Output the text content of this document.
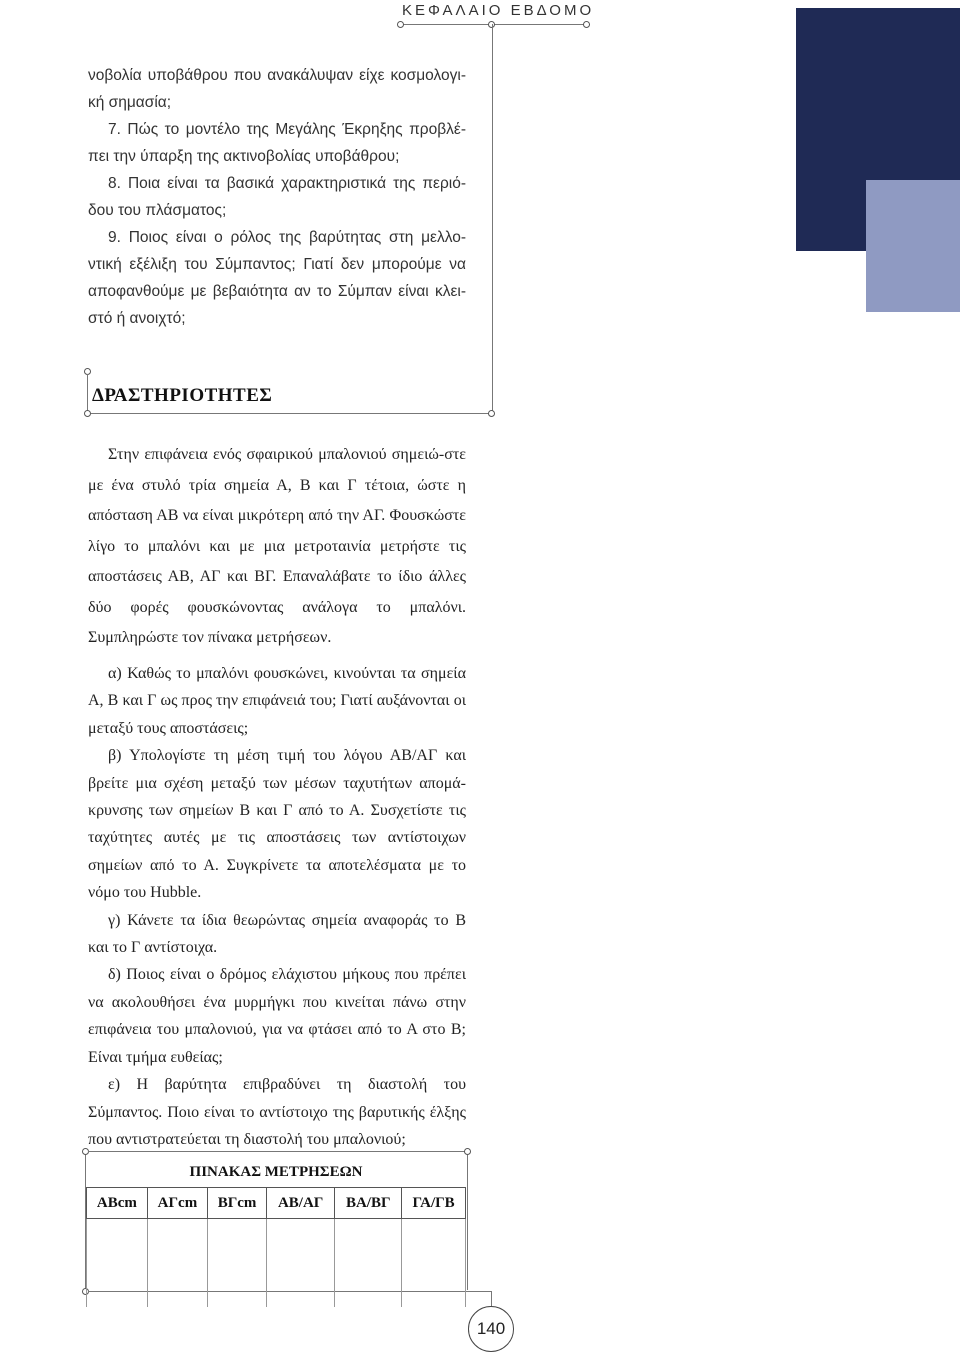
ΚΕΦΑΛΑΙΟ ΕΒΔΟΜΟ

νοβολία υποβάθρου που ανακάλυψαν είχε κοσμολογι-κή σημασία;

7. Πώς το μοντέλο της Μεγάλης Έκρηξης προβλέ-πει την ύπαρξη της ακτινοβολίας υποβάθρου;

8. Ποια είναι τα βασικά χαρακτηριστικά της περιό-δου του πλάσματος;

9. Ποιος είναι ο ρόλος της βαρύτητας στη μελλο-ντική εξέλιξη του Σύμπαντος; Γιατί δεν μπορούμε να αποφανθούμε με βεβαιότητα αν το Σύμπαν είναι κλει-στό ή ανοιχτό;

ΔΡΑΣΤΗΡΙΟΤΗΤΕΣ

Στην επιφάνεια ενός σφαιρικού μπαλονιού σημειώ-στε με ένα στυλό τρία σημεία Α, Β και Γ τέτοια, ώστε η απόσταση ΑΒ να είναι μικρότερη από την ΑΓ. Φουσκώστε λίγο το μπαλόνι και με μια μετροταινία μετρήστε τις αποστάσεις ΑΒ, ΑΓ και ΒΓ. Επαναλάβατε το ίδιο άλλες δύο φορές φουσκώνοντας ανάλογα το μπαλόνι. Συμπληρώστε τον πίνακα μετρήσεων.

α) Καθώς το μπαλόνι φουσκώνει, κινούνται τα σημεία Α, Β και Γ ως προς την επιφάνειά του; Γιατί αυξάνονται οι μεταξύ τους αποστάσεις;

β) Υπολογίστε τη μέση τιμή του λόγου ΑΒ/ΑΓ και βρείτε μια σχέση μεταξύ των μέσων ταχυτήτων απομά-κρυνσης των σημείων Β και Γ από το Α. Συσχετίστε τις ταχύτητες αυτές με τις αποστάσεις των αντίστοιχων σημείων από το Α. Συγκρίνετε τα αποτελέσματα με το νόμο του Hubble.

γ) Κάνετε τα ίδια θεωρώντας σημεία αναφοράς το Β και το Γ αντίστοιχα.

δ) Ποιος είναι ο δρόμος ελάχιστου μήκους που πρέπει να ακολουθήσει ένα μυρμήγκι που κινείται πάνω στην επιφάνεια του μπαλονιού, για να φτάσει από το Α στο Β; Είναι τμήμα ευθείας;

ε) Η βαρύτητα επιβραδύνει τη διαστολή του Σύμπαντος. Ποιο είναι το αντίστοιχο της βαρυτικής έλξης που αντιστρατεύεται τη διαστολή του μπαλονιού;

ΠΙΝΑΚΑΣ ΜΕΤΡΗΣΕΩΝ					
ΑΒcm	ΑΓcm	ΒΓcm	ΑΒ/ΑΓ	ΒΑ/ΒΓ	ΓΑ/ΓΒ

140
